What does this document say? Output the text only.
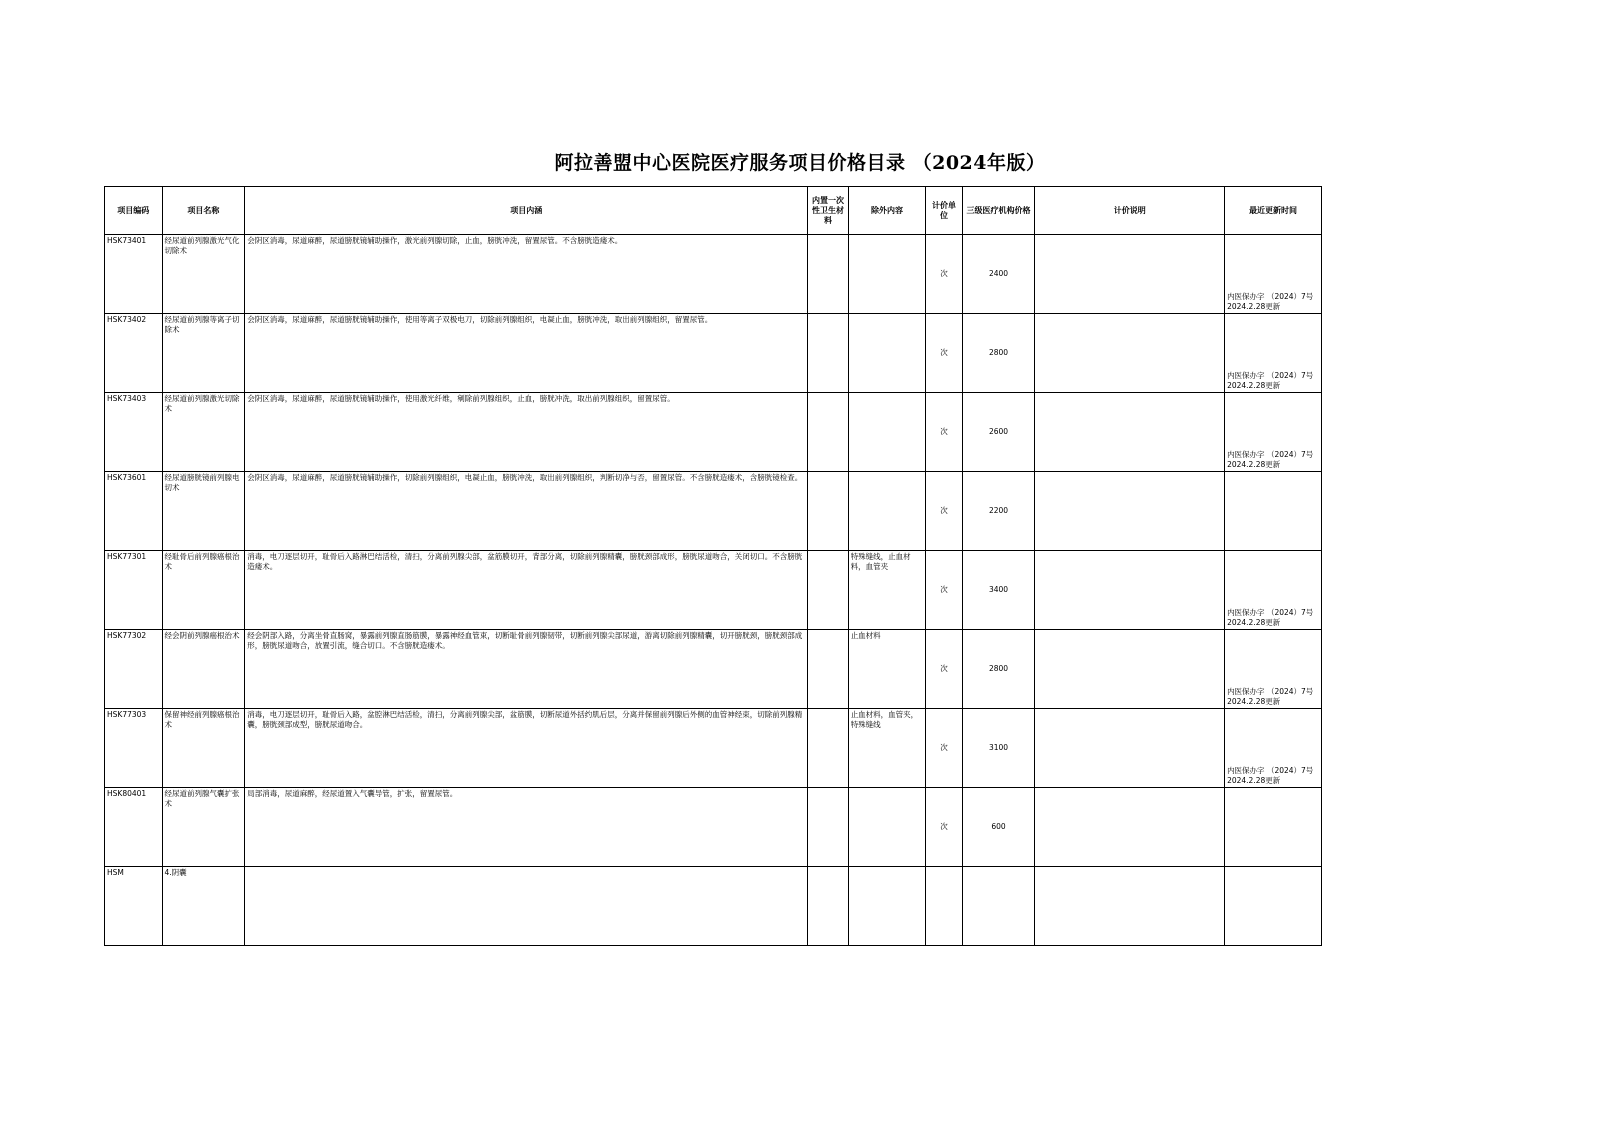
阿拉善盟中心医院医疗服务项目价格目录 （2024年版）
项目编码	项目名称	项目内涵	内置一次性卫生材料	除外内容	计价单位	三级医疗机构价格	计价说明	最近更新时间
HSK73401	经尿道前列腺激光气化切除术	会阴区消毒，尿道麻醉，尿道膀胱镜辅助操作，激光前列腺切除，止血，膀胱冲洗，留置尿管。不含膀胱造瘘术。			次	2400		内医保办字 （2024）7号 2024.2.28更新
HSK73402	经尿道前列腺等离子切除术	会阴区消毒，尿道麻醉，尿道膀胱镜辅助操作，使用等离子双极电刀，切除前列腺组织，电凝止血，膀胱冲洗，取出前列腺组织，留置尿管。			次	2800		内医保办字 （2024）7号 2024.2.28更新
HSK73403	经尿道前列腺激光切除术	会阴区消毒，尿道麻醉，尿道膀胱镜辅助操作，使用激光纤维，剜除前列腺组织，止血，膀胱冲洗，取出前列腺组织，留置尿管。			次	2600		内医保办字 （2024）7号 2024.2.28更新
HSK73601	经尿道膀胱镜前列腺电切术	会阴区消毒，尿道麻醉，尿道膀胱镜辅助操作，切除前列腺组织，电凝止血，膀胱冲洗，取出前列腺组织，判断切净与否，留置尿管。不含膀胱造瘘术，含膀胱镜检查。			次	2200		
HSK77301	经耻骨后前列腺癌根治术	消毒，电刀逐层切开，耻骨后入路淋巴结活检，清扫，分离前列腺尖部，盆筋膜切开，背部分离，切除前列腺精囊，膀胱颈部成形，膀胱尿道吻合，关闭切口。不含膀胱造瘘术。		特殊缝线，止血材料，血管夹	次	3400		内医保办字 （2024）7号 2024.2.28更新
HSK77302	经会阴前列腺癌根治术	经会阴部入路，分离坐骨直肠窝，暴露前列腺直肠筋膜，暴露神经血管束，切断耻骨前列腺韧带，切断前列腺尖部尿道，游离切除前列腺精囊，切开膀胱颈，膀胱颈部成形，膀胱尿道吻合，放置引流，缝合切口。不含膀胱造瘘术。		止血材料	次	2800		内医保办字 （2024）7号 2024.2.28更新
HSK77303	保留神经前列腺癌根治术	消毒，电刀逐层切开，耻骨后入路，盆腔淋巴结活检，清扫，分离前列腺尖部，盆筋膜，切断尿道外括约肌后层，分离并保留前列腺后外侧的血管神经束，切除前列腺精囊，膀胱颈部成型，膀胱尿道吻合。		止血材料，血管夹，特殊缝线	次	3100		内医保办字 （2024）7号 2024.2.28更新
HSK80401	经尿道前列腺气囊扩张术	局部消毒，尿道麻醉，经尿道置入气囊导管，扩张，留置尿管。			次	600		
HSM	4.阴囊							
